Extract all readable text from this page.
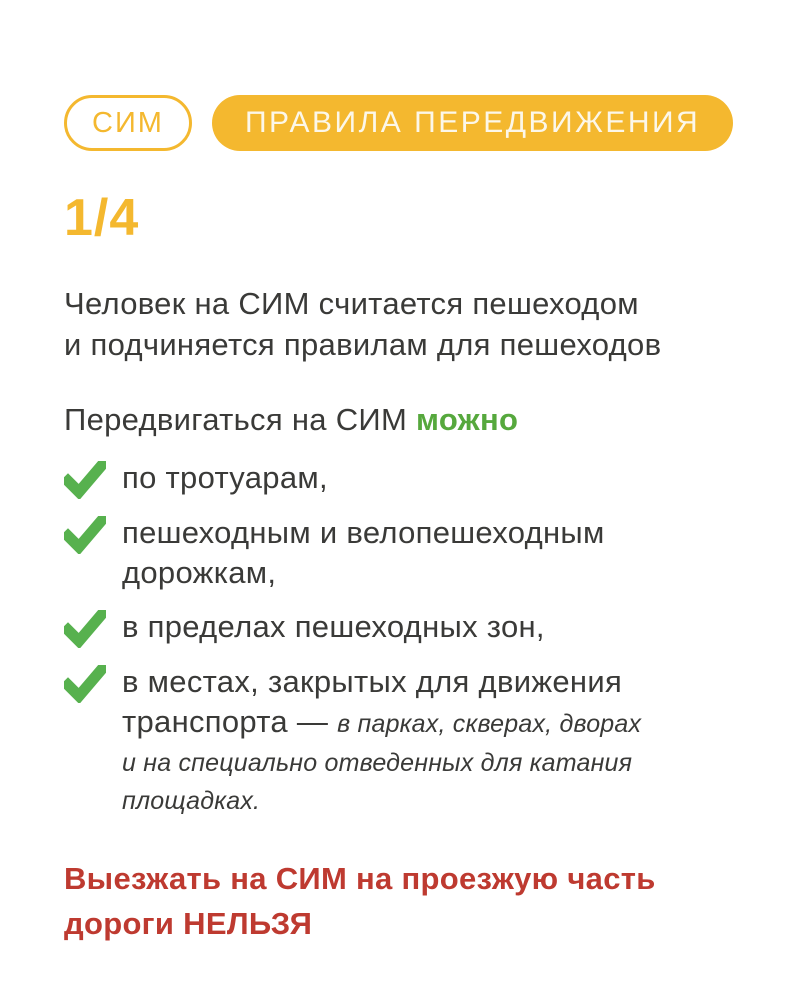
СИМ	ПРАВИЛА ПЕРЕДВИЖЕНИЯ
1/4
Человек на СИМ считается пешеходом
и подчиняется правилам для пешеходов
Передвигаться на СИМ можно
по тротуарам,
пешеходным и велопешеходным
дорожкам,
в пределах пешеходных зон,
в местах, закрытых для движения
транспорта — в парках, скверах, дворах
и на специально отведенных для катания площадках.
Выезжать на СИМ на проезжую часть
дороги НЕЛЬЗЯ
